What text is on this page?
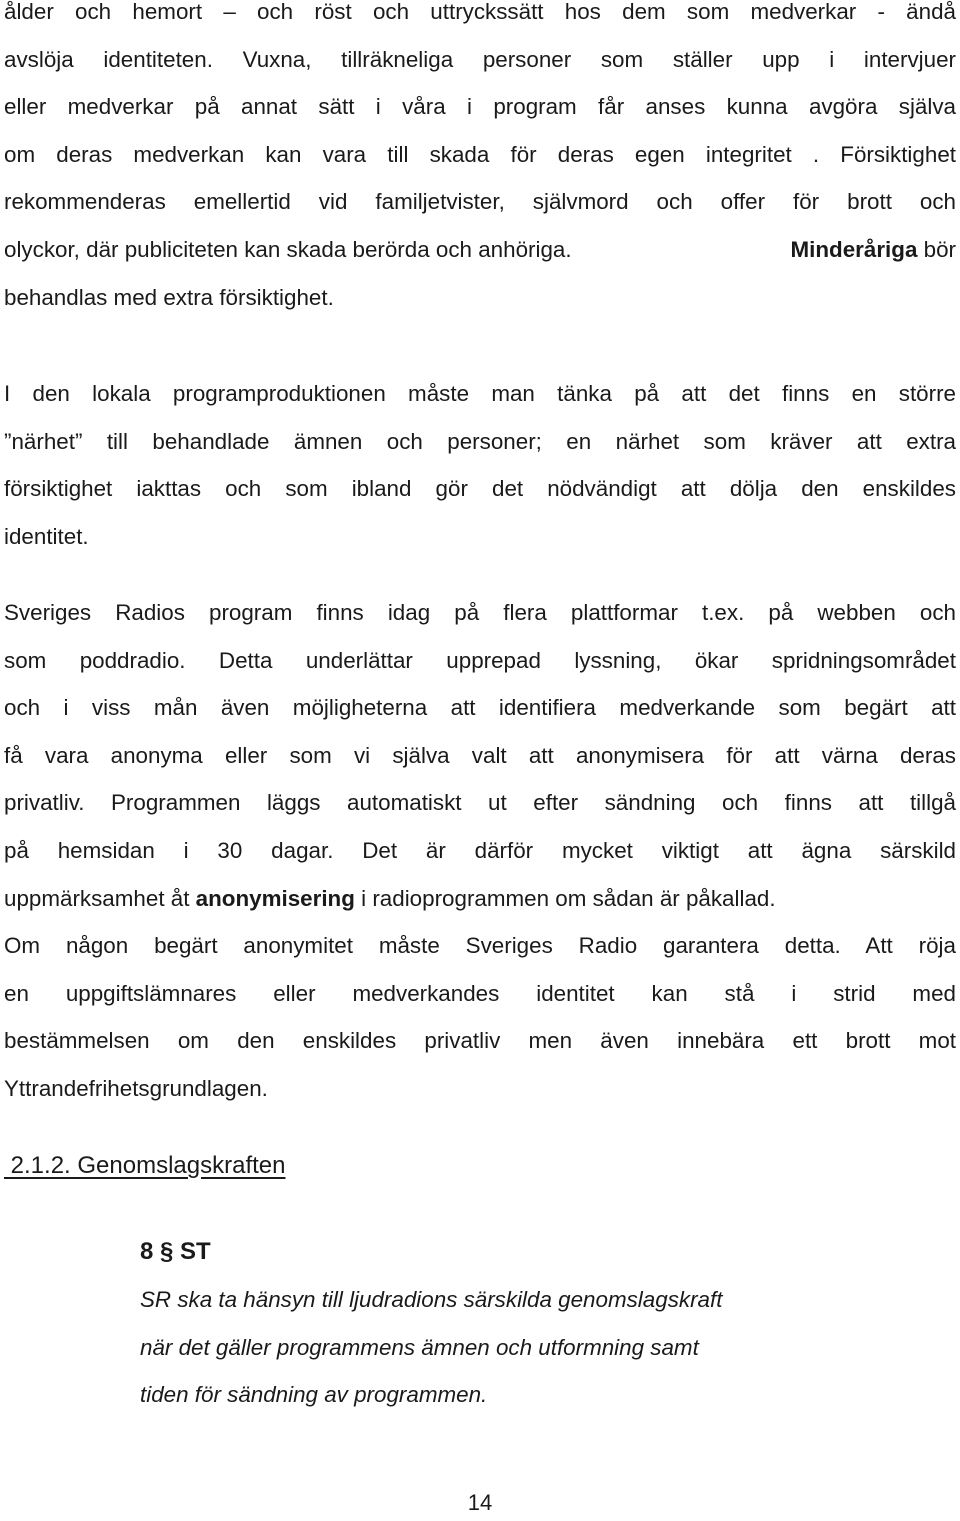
ålder och hemort – och röst och uttryckssätt hos dem som medverkar - ändå
avslöja identiteten. Vuxna, tillräkneliga personer som ställer upp i intervjuer
eller medverkar på annat sätt i våra i program får anses kunna avgöra själva
om deras medverkan kan vara till skada för deras egen integritet . Försiktighet
rekommenderas emellertid vid familjetvister, självmord och offer för brott och
olyckor, där publiciteten kan skada berörda och anhöriga.	Minderåriga bör
behandlas med extra försiktighet.
I den lokala programproduktionen måste man tänka på att det finns en större
”närhet” till behandlade ämnen och personer; en närhet som kräver att extra
försiktighet iakttas och som ibland gör det nödvändigt att dölja den enskildes
identitet.
Sveriges Radios program finns idag på flera plattformar t.ex. på webben och
som poddradio. Detta underlättar upprepad lyssning, ökar spridningsområdet
och i viss mån även möjligheterna att identifiera medverkande som begärt att
få vara anonyma eller som vi själva valt att anonymisera för att värna deras
privatliv. Programmen läggs automatiskt ut efter sändning och finns att tillgå
på hemsidan i 30 dagar. Det är därför mycket viktigt att ägna särskild
uppmärksamhet åt anonymisering i radioprogrammen om sådan är påkallad.
Om någon begärt anonymitet måste Sveriges Radio garantera detta. Att röja
en uppgiftslämnares eller medverkandes identitet kan stå i strid med
bestämmelsen om den enskildes privatliv men även innebära ett brott mot
Yttrandefrihetsgrundlagen.
2.1.2. Genomslagskraften
8 § ST
SR ska ta hänsyn till ljudradions särskilda genomslagskraft
när det gäller programmens ämnen och utformning samt
tiden för sändning av programmen.
14
